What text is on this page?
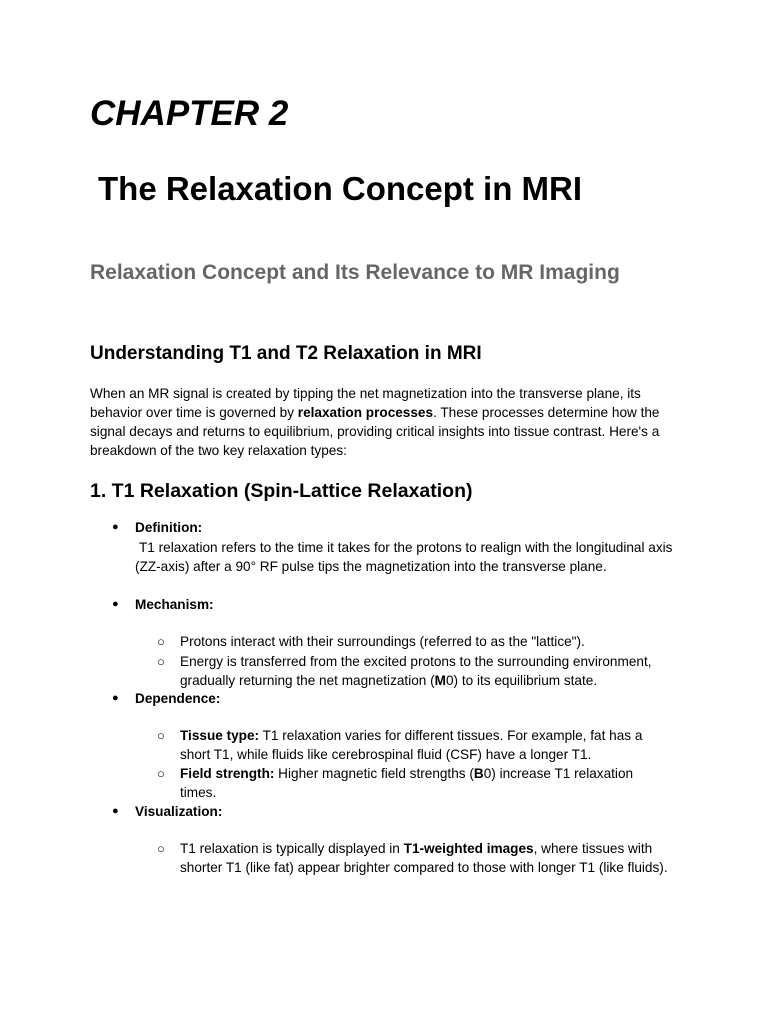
CHAPTER 2
The Relaxation Concept in MRI
Relaxation Concept and Its Relevance to MR Imaging
Understanding T1 and T2 Relaxation in MRI

When an MR signal is created by tipping the net magnetization into the transverse plane, its behavior over time is governed by relaxation processes. These processes determine how the signal decays and returns to equilibrium, providing critical insights into tissue contrast. Here's a breakdown of the two key relaxation types:

1. T1 Relaxation (Spin-Lattice Relaxation)
● Definition:
T1 relaxation refers to the time it takes for the protons to realign with the longitudinal axis (ZZ-axis) after a 90° RF pulse tips the magnetization into the transverse plane.
● Mechanism:
○ Protons interact with their surroundings (referred to as the "lattice").
○ Energy is transferred from the excited protons to the surrounding environment, gradually returning the net magnetization (M0) to its equilibrium state.
● Dependence:
○ Tissue type: T1 relaxation varies for different tissues. For example, fat has a short T1, while fluids like cerebrospinal fluid (CSF) have a longer T1.
○ Field strength: Higher magnetic field strengths (B0) increase T1 relaxation times.
● Visualization:
○ T1 relaxation is typically displayed in T1-weighted images, where tissues with shorter T1 (like fat) appear brighter compared to those with longer T1 (like fluids).
